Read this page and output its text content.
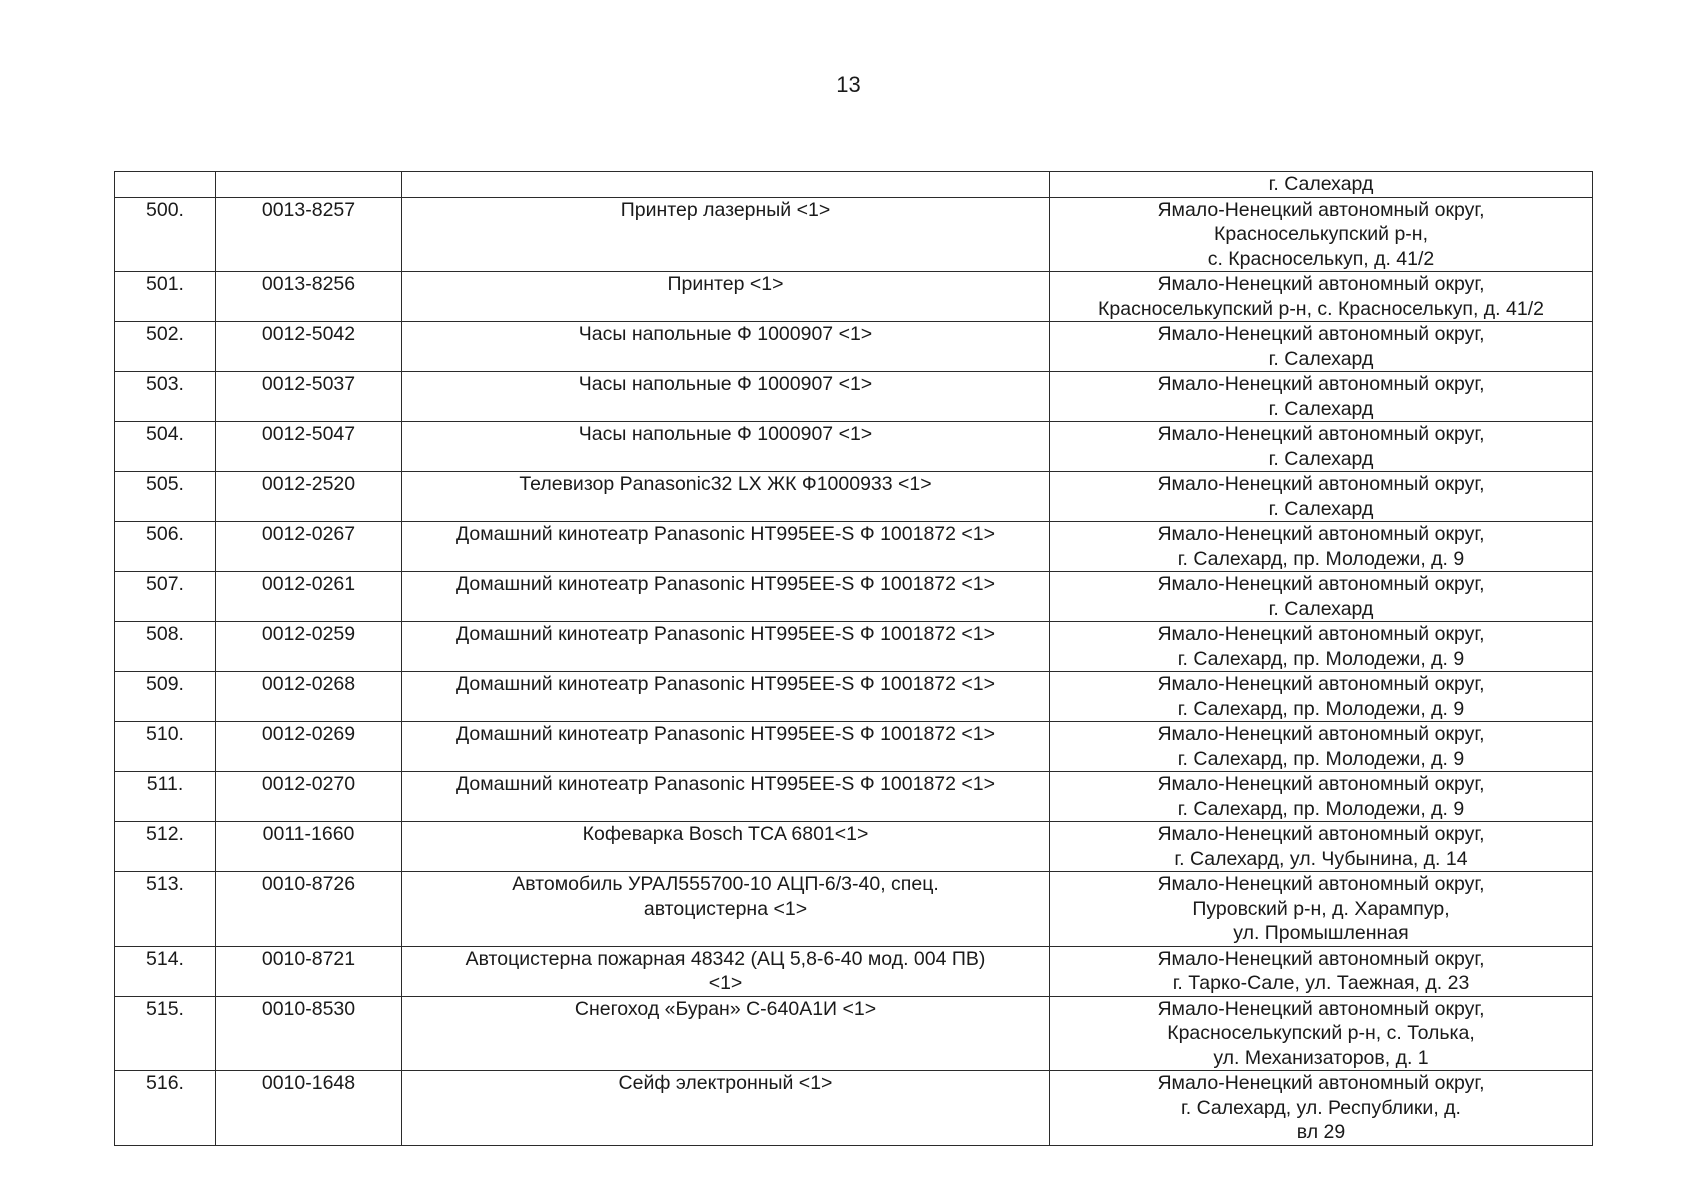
13
			г. Салехард
500.	0013-8257	Принтер лазерный <1>	Ямало-Ненецкий автономный округ,
Красноселькупский р-н,
с. Красноселькуп, д. 41/2
501.	0013-8256	Принтер <1>	Ямало-Ненецкий автономный округ,
Красноселькупский р-н, с. Красноселькуп, д. 41/2
502.	0012-5042	Часы напольные Ф 1000907 <1>	Ямало-Ненецкий автономный округ,
г. Салехард
503.	0012-5037	Часы напольные Ф 1000907 <1>	Ямало-Ненецкий автономный округ,
г. Салехард
504.	0012-5047	Часы напольные Ф 1000907 <1>	Ямало-Ненецкий автономный округ,
г. Салехард
505.	0012-2520	Телевизор Panasonic32 LX ЖК Ф1000933 <1>	Ямало-Ненецкий автономный округ,
г. Салехард
506.	0012-0267	Домашний кинотеатр Panasonic HT995EE-S Ф 1001872 <1>	Ямало-Ненецкий автономный округ,
г. Салехард, пр. Молодежи, д. 9
507.	0012-0261	Домашний кинотеатр Panasonic HT995EE-S Ф 1001872 <1>	Ямало-Ненецкий автономный округ,
г. Салехард
508.	0012-0259	Домашний кинотеатр Panasonic HT995EE-S Ф 1001872 <1>	Ямало-Ненецкий автономный округ,
г. Салехард, пр. Молодежи, д. 9
509.	0012-0268	Домашний кинотеатр Panasonic HT995EE-S Ф 1001872 <1>	Ямало-Ненецкий автономный округ,
г. Салехард, пр. Молодежи, д. 9
510.	0012-0269	Домашний кинотеатр Panasonic HT995EE-S Ф 1001872 <1>	Ямало-Ненецкий автономный округ,
г. Салехард, пр. Молодежи, д. 9
511.	0012-0270	Домашний кинотеатр Panasonic HT995EE-S Ф 1001872 <1>	Ямало-Ненецкий автономный округ,
г. Салехард, пр. Молодежи, д. 9
512.	0011-1660	Кофеварка Bosch TCA 6801<1>	Ямало-Ненецкий автономный округ,
г. Салехард, ул. Чубынина, д. 14
513.	0010-8726	Автомобиль УРАЛ555700-10 АЦП-6/3-40, спец.
автоцистерна <1>	Ямало-Ненецкий автономный округ,
Пуровский р-н, д. Харампур,
ул. Промышленная
514.	0010-8721	Автоцистерна пожарная 48342 (АЦ 5,8-6-40 мод. 004 ПВ)
<1>	Ямало-Ненецкий автономный округ,
г. Тарко-Сале, ул. Таежная, д. 23
515.	0010-8530	Снегоход «Буран» С-640А1И <1>	Ямало-Ненецкий автономный округ,
Красноселькупский р-н, с. Толька,
ул. Механизаторов, д. 1
516.	0010-1648	Сейф электронный <1>	Ямало-Ненецкий автономный округ,
г. Салехард, ул. Республики, д.
вл 29
